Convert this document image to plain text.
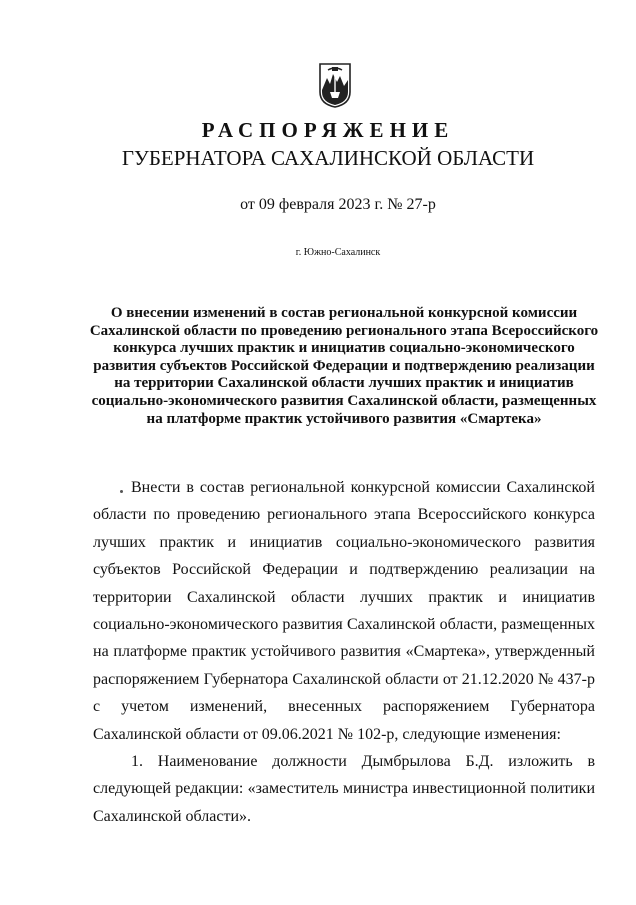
РАСПОРЯЖЕНИЕ
ГУБЕРНАТОРА САХАЛИНСКОЙ ОБЛАСТИ
от 09 февраля 2023 г. № 27-р
г. Южно-Сахалинск
О внесении изменений в состав региональной конкурсной комиссии Сахалинской области по проведению регионального этапа Всероссийского конкурса лучших практик и инициатив социально-экономического развития субъектов Российской Федерации и подтверждению реализации на территории Сахалинской области лучших практик и инициатив социально-экономического развития Сахалинской области, размещенных на платформе практик устойчивого развития «Смартека»

Внести в состав региональной конкурсной комиссии Сахалинской области по проведению регионального этапа Всероссийского конкурса лучших практик и инициатив социально-экономического развития субъектов Российской Федерации и подтверждению реализации на территории Сахалинской области лучших практик и инициатив социально-экономического развития Сахалинской области, размещенных на платформе практик устойчивого развития «Смартека», утвержденный распоряжением Губернатора Сахалинской области от 21.12.2020 № 437-р с учетом изменений, внесенных распоряжением Губернатора Сахалинской области от 09.06.2021 № 102-р, следующие изменения:

1. Наименование должности Дымбрылова Б.Д. изложить в следующей редакции: «заместитель министра инвестиционной политики Сахалинской области».
